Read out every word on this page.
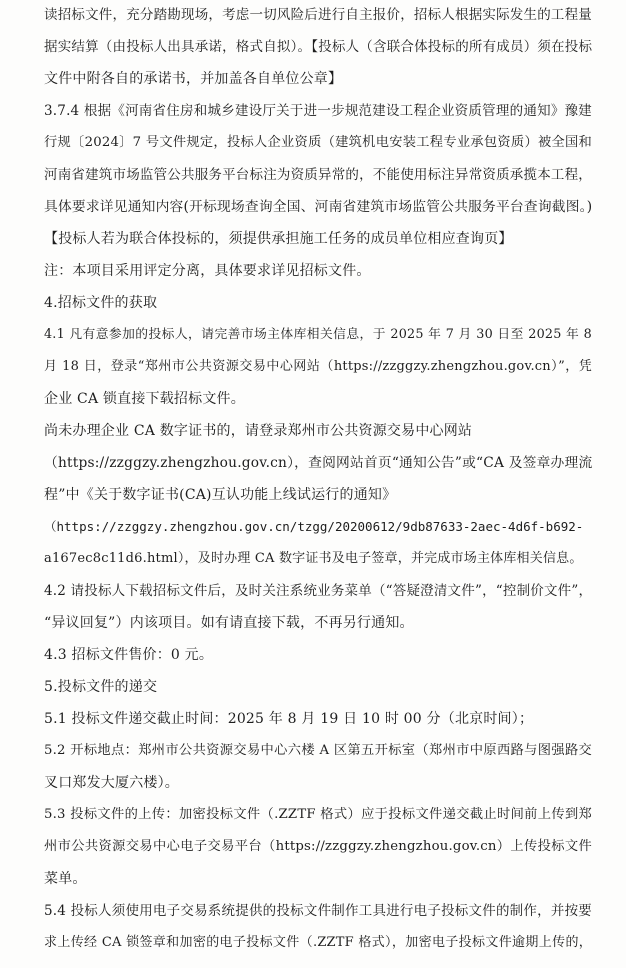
读招标文件，充分踏勘现场，考虑一切风险后进行自主报价，招标人根据实际发生的工程量
据实结算（由投标人出具承诺，格式自拟）。【投标人（含联合体投标的所有成员）须在投标
文件中附各自的承诺书，并加盖各自单位公章】
3.7.4 根据《河南省住房和城乡建设厅关于进一步规范建设工程企业资质管理的通知》豫建
行规〔2024〕7 号文件规定，投标人企业资质（建筑机电安装工程专业承包资质）被全国和
河南省建筑市场监管公共服务平台标注为资质异常的，不能使用标注异常资质承揽本工程，
具体要求详见通知内容(开标现场查询全国、河南省建筑市场监管公共服务平台查询截图。)
【投标人若为联合体投标的，须提供承担施工任务的成员单位相应查询页】
注：本项目采用评定分离，具体要求详见招标文件。
4.招标文件的获取
4.1 凡有意参加的投标人，请完善市场主体库相关信息，于 2025 年 7 月 30 日至 2025 年 8
月 18 日，登录“郑州市公共资源交易中心网站（https://zzggzy.zhengzhou.gov.cn）”，凭
企业 CA 锁直接下载招标文件。
尚未办理企业 CA 数字证书的，请登录郑州市公共资源交易中心网站
（https://zzggzy.zhengzhou.gov.cn），查阅网站首页“通知公告”或“CA 及签章办理流
程”中《关于数字证书(CA)互认功能上线试运行的通知》
（https://zzggzy.zhengzhou.gov.cn/tzgg/20200612/9db87633-2aec-4d6f-b692-
a167ec8c11d6.html），及时办理 CA 数字证书及电子签章，并完成市场主体库相关信息。
4.2 请投标人下载招标文件后，及时关注系统业务菜单（“答疑澄清文件”，“控制价文件”，
“异议回复”）内该项目。如有请直接下载，不再另行通知。
4.3 招标文件售价：0 元。
5.投标文件的递交
5.1 投标文件递交截止时间：2025 年 8 月 19 日 10 时 00 分（北京时间）；
5.2 开标地点：郑州市公共资源交易中心六楼 A 区第五开标室（郑州市中原西路与图强路交
叉口郑发大厦六楼）。
5.3 投标文件的上传：加密投标文件（.ZZTF 格式）应于投标文件递交截止时间前上传到郑
州市公共资源交易中心电子交易平台（https://zzggzy.zhengzhou.gov.cn）上传投标文件
菜单。
5.4 投标人须使用电子交易系统提供的投标文件制作工具进行电子投标文件的制作，并按要
求上传经 CA 锁签章和加密的电子投标文件（.ZZTF 格式），加密电子投标文件逾期上传的，
